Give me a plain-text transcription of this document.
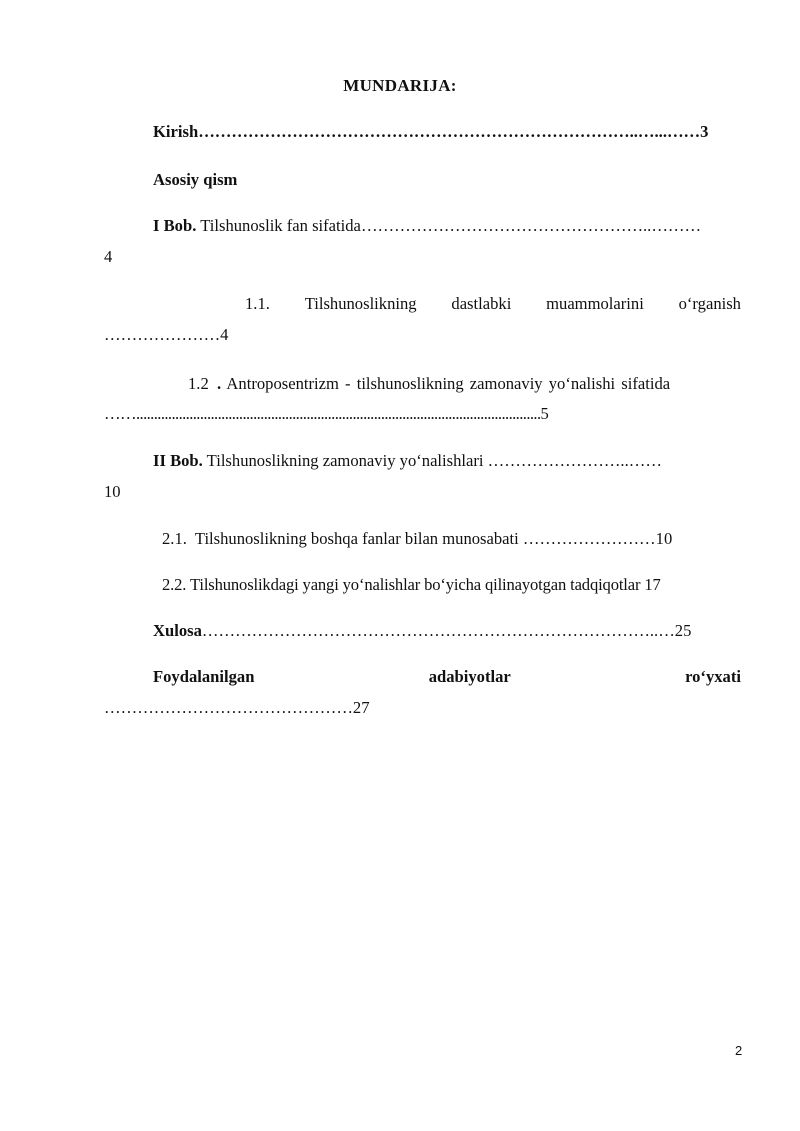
MUNDARIJA:
Kirish……………………………………………………………………..…...……3
Asosiy qism
I Bob. Tilshunoslik fan sifatida……………………………………………..………
4
1.1. Tilshunoslikning dastlabki muammolarini o‘rganish
…………………4
1.2 . Antroposentrizm - tilshunoslikning zamonaviy yo‘nalishi sifatida
……..................................................................................................................5
II Bob. Tilshunoslikning zamonaviy yo‘nalishlari ……………………..……
10
2.1.  Tilshunoslikning boshqa fanlar bilan munosabati ……………………10
2.2. Tilshunoslikdagi yangi yo‘nalishlar bo‘yicha qilinayotgan tadqiqotlar 17
Xulosa………………………………………………………………………..…25
Foydalanilgan	adabiyotlar	ro‘yxati
………………………………………27
2
